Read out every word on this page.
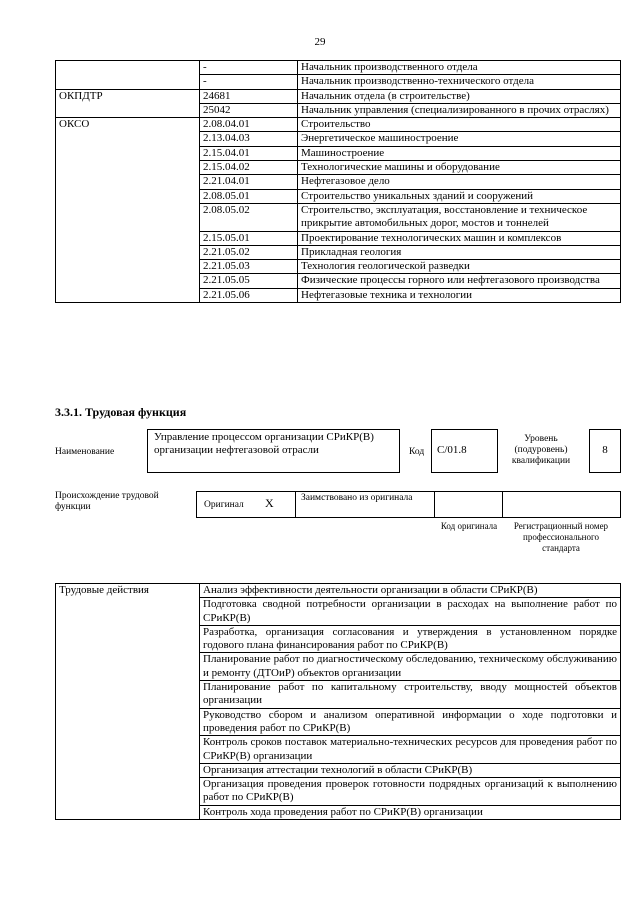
29
	-	Начальник производственного отдела
	-	Начальник производственно-технического отдела
ОКПДТР	24681	Начальник отдела (в строительстве)
	25042	Начальник управления (специализированного в прочих отраслях)
ОКСО	2.08.04.01	Строительство
	2.13.04.03	Энергетическое машиностроение
	2.15.04.01	Машиностроение
	2.15.04.02	Технологические машины и оборудование
	2.21.04.01	Нефтегазовое дело
	2.08.05.01	Строительство уникальных зданий и сооружений
	2.08.05.02	Строительство, эксплуатация, восстановление и техническое прикрытие автомобильных дорог, мостов и тоннелей
	2.15.05.01	Проектирование технологических машин и комплексов
	2.21.05.02	Прикладная геология
	2.21.05.03	Технология геологической разведки
	2.21.05.05	Физические процессы горного или нефтегазового производства
	2.21.05.06	Нефтегазовые техника и технологии
3.3.1. Трудовая функция
Наименование
Управление процессом организации СРиКР(В) организации нефтегазовой отрасли	Код	C/01.8
Уровень (подуровень) квалификации
8
Происхождение трудовой функции	Оригинал X	Заимствовано из оригинала
Код оригинала	Регистрационный номер профессионального стандарта
Трудовые действия	Анализ эффективности деятельности организации в области СРиКР(В)
Подготовка сводной потребности организации в расходах на выполнение работ по СРиКР(В)
Разработка, организация согласования и утверждения в установленном порядке годового плана финансирования работ по СРиКР(В)
Планирование работ по диагностическому обследованию, техническому обслуживанию и ремонту (ДТОиР) объектов организации
Планирование работ по капитальному строительству, вводу мощностей объектов организации
Руководство сбором и анализом оперативной информации о ходе подготовки и проведения работ по СРиКР(В)
Контроль сроков поставок материально-технических ресурсов для проведения работ по СРиКР(В) организации
Организация аттестации технологий в области СРиКР(В)
Организация проведения проверок готовности подрядных организаций к выполнению работ по СРиКР(В)
Контроль хода проведения работ по СРиКР(В) организации
